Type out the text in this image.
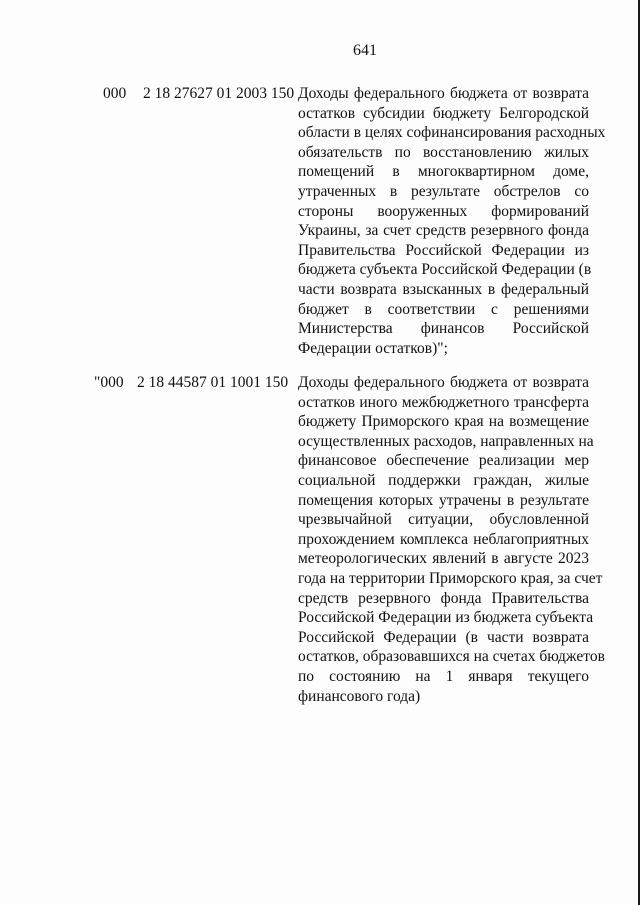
641
000 2 18 27627 01 2003 150 Доходы федерального бюджета от возврата
остатков субсидии бюджету Белгородской
области в целях софинансирования расходных
обязательств по восстановлению жилых
помещений в многоквартирном доме,
утраченных в результате обстрелов со
стороны вооруженных формирований
Украины, за счет средств резервного фонда
Правительства Российской Федерации из
бюджета субъекта Российской Федерации (в
части возврата взысканных в федеральный
бюджет в соответствии с решениями
Министерства финансов Российской
Федерации остатков)";
"000 2 18 44587 01 1001 150 Доходы федерального бюджета от возврата
остатков иного межбюджетного трансферта
бюджету Приморского края на возмещение
осуществленных расходов, направленных на
финансовое обеспечение реализации мер
социальной поддержки граждан, жилые
помещения которых утрачены в результате
чрезвычайной ситуации, обусловленной
прохождением комплекса неблагоприятных
метеорологических явлений в августе 2023
года на территории Приморского края, за счет
средств резервного фонда Правительства
Российской Федерации из бюджета субъекта
Российской Федерации (в части возврата
остатков, образовавшихся на счетах бюджетов
по состоянию на 1 января текущего
финансового года)
